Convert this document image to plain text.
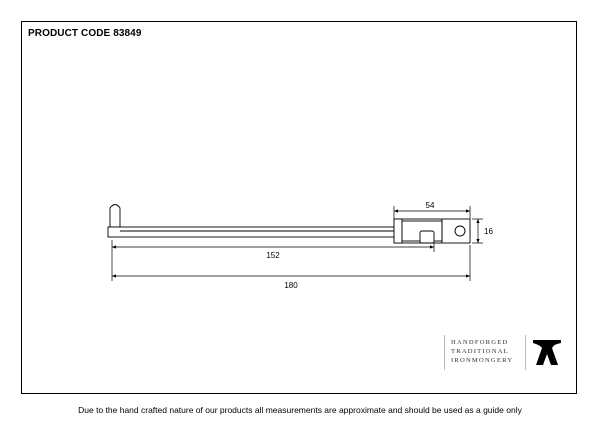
PRODUCT CODE 83849
54
16
152
180
HANDFORGED
TRADITIONAL
IRONMONGERY
Due to the hand crafted nature of our products all measurements are approximate and should be used as a guide only
